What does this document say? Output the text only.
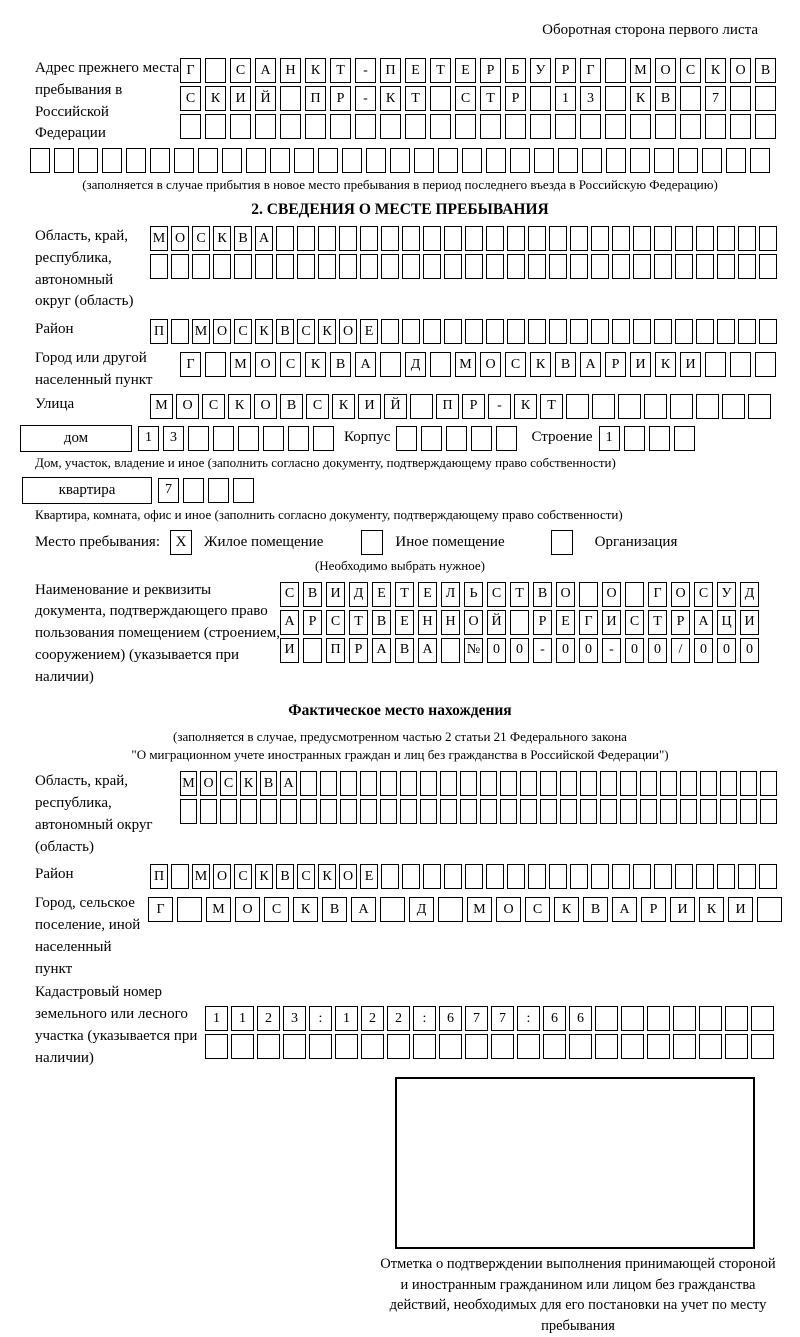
Оборотная сторона первого листа
Адрес прежнего места пребывания в Российской Федерации
Г	С	А	Н	К	Т	-	П	Е	Т	Е	Р	Б	У	Р	Г	М О	С	К	О	В
С	К	И	Й	П	Р	-	К	Т	С	Т	Р	1	3	К	В	7
(заполняется в случае прибытия в новое место пребывания в период последнего въезда в Российскую Федерацию)
2. СВЕДЕНИЯ О МЕСТЕ ПРЕБЫВАНИЯ
Область, край, республика, автономный округ (область)
М О С К В А
Район	П М О С К В С К О Е
Город или другой населенный пункт
Г	М О	С	К	В	А	Д	М О	С	К	В	А	Р	И	К	И
Улица	М	О	С	К	О	В	С	К	И	Й	П	Р	-	К	Т
дом	1	3	Корпус	Строение 1
Дом, участок, владение и иное (заполнить согласно документу, подтверждающему право собственности)
квартира	7
Квартира, комната, офис и иное (заполнить согласно документу, подтверждающему право собственности)
Место пребывания:	X	Жилое помещение	Иное помещение	Организация
(Необходимо выбрать нужное)
Наименование и реквизиты документа, подтверждающего право пользования помещением (строением, сооружением) (указывается при наличии)
С В И Д Е	Т	Е Л	Ь	С	Т	В О	О	Г О С У Д
А	Р	С	Т	В	Е Н Н О Й	Р	Е	Г И С	Т	Р	А Ц И
И	П	Р	А В А	№ 0	0	-	0	0	-	0	0	/	0	0	0
Фактическое место нахождения
(заполняется в случае, предусмотренном частью 2 статьи 21 Федерального закона
"О миграционном учете иностранных граждан и лиц без гражданства в Российской Федерации")
Область, край, республика, автономный округ (область)
М О С К В А
Район	П М О С К В С К О Е
Город, сельское поселение, иной населенный пункт
Г	М	О	С	К	В	А	Д	М	О	С	К	В	А	Р	И	К	И
Кадастровый номер земельного или лесного участка (указывается при наличии)
1	1	2	3	:	1	2	2	:	6	7	7	:	6	6
Отметка о подтверждении выполнения принимающей стороной и иностранным гражданином или лицом без гражданства действий, необходимых для его постановки на учет по месту пребывания
